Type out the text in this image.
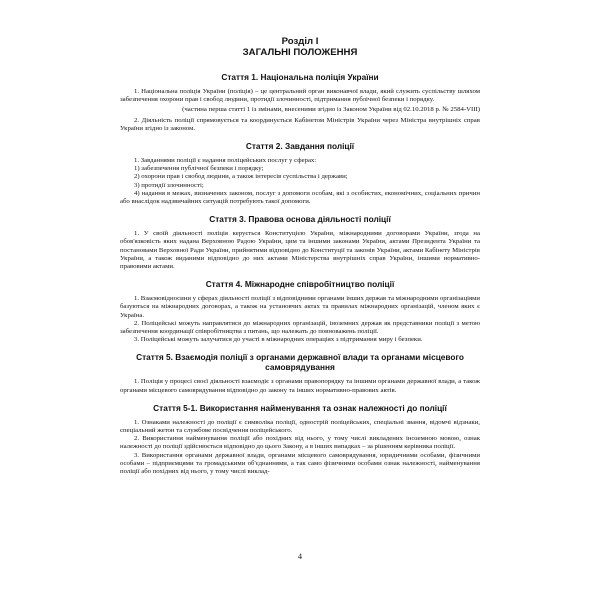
Розділ І
ЗАГАЛЬНІ ПОЛОЖЕННЯ
Стаття 1. Національна поліція України

1. Національна поліція України (поліція) – це центральний орган виконавчої влади, який служить суспільству шляхом забезпечення охорони прав і свобод людини, протидії злочинності, підтримання публічної безпеки і порядку.

(частина перша статті 1 із змінами, внесеними згідно із Законом України від 02.10.2018 р. № 2584-VIII)

2. Діяльність поліції спрямовується та координується Кабінетом Міністрів України через Міністра внутрішніх справ України згідно із законом.

Стаття 2. Завдання поліції

1. Завданнями поліції є надання поліцейських послуг у сферах:

1) забезпечення публічної безпеки і порядку;

2) охорони прав і свобод людини, а також інтересів суспільства і держави;

3) протидії злочинності;

4) надання в межах, визначених законом, послуг з допомоги особам, які з особистих, економічних, соціальних причин або внаслідок надзвичайних ситуацій потребують такої допомоги.

Стаття 3. Правова основа діяльності поліції

1. У своїй діяльності поліція керується Конституцією України, міжнародними договорами України, згода на обов'язковість яких надана Верховною Радою України, цим та іншими законами України, актами Президента України та постановами Верховної Ради України, прийнятими відповідно до Конституції та законів України, актами Кабінету Міністрів України, а також виданими відповідно до них актами Міністерства внутрішніх справ України, іншими нормативно-правовими актами.

Стаття 4. Міжнародне співробітництво поліції

1. Взаємовідносини у сферах діяльності поліції з відповідними органами інших держав та міжнародними організаціями базуються на міжнародних договорах, а також на установчих актах та правилах міжнародних організацій, членом яких є Україна.

2. Поліцейські можуть направлятися до міжнародних організацій, іноземних держав як представники поліції з метою забезпечення координації співробітництва з питань, що належать до повноважень поліції.

3. Поліцейські можуть залучатися до участі в міжнародних операціях з підтримання миру і безпеки.

Стаття 5. Взаємодія поліції з органами державної влади та органами місцевого самоврядування

1. Поліція у процесі своєї діяльності взаємодіє з органами правопорядку та іншими органами державної влади, а також органами місцевого самоврядування відповідно до закону та інших нормативно-правових актів.

Стаття 5-1. Використання найменування та ознак належності до поліції

1. Ознаками належності до поліції є символіка поліції, однострій поліцейських, спеціальні звання, відомчі відзнаки, спеціальний жетон та службове посвідчення поліцейського.

2. Використання найменування поліції або похідних від нього, у тому числі викладених іноземною мовою, ознак належності до поліції здійснюється відповідно до цього Закону, а в інших випадках – за рішенням керівника поліції.

3. Використання органами державної влади, органами місцевого самоврядування, юридичними особами, фізичними особами – підприємцями та громадськими об'єднаннями, а так само фізичними особами ознак належності, найменування поліції або похідних від нього, у тому числі виклад-

4
